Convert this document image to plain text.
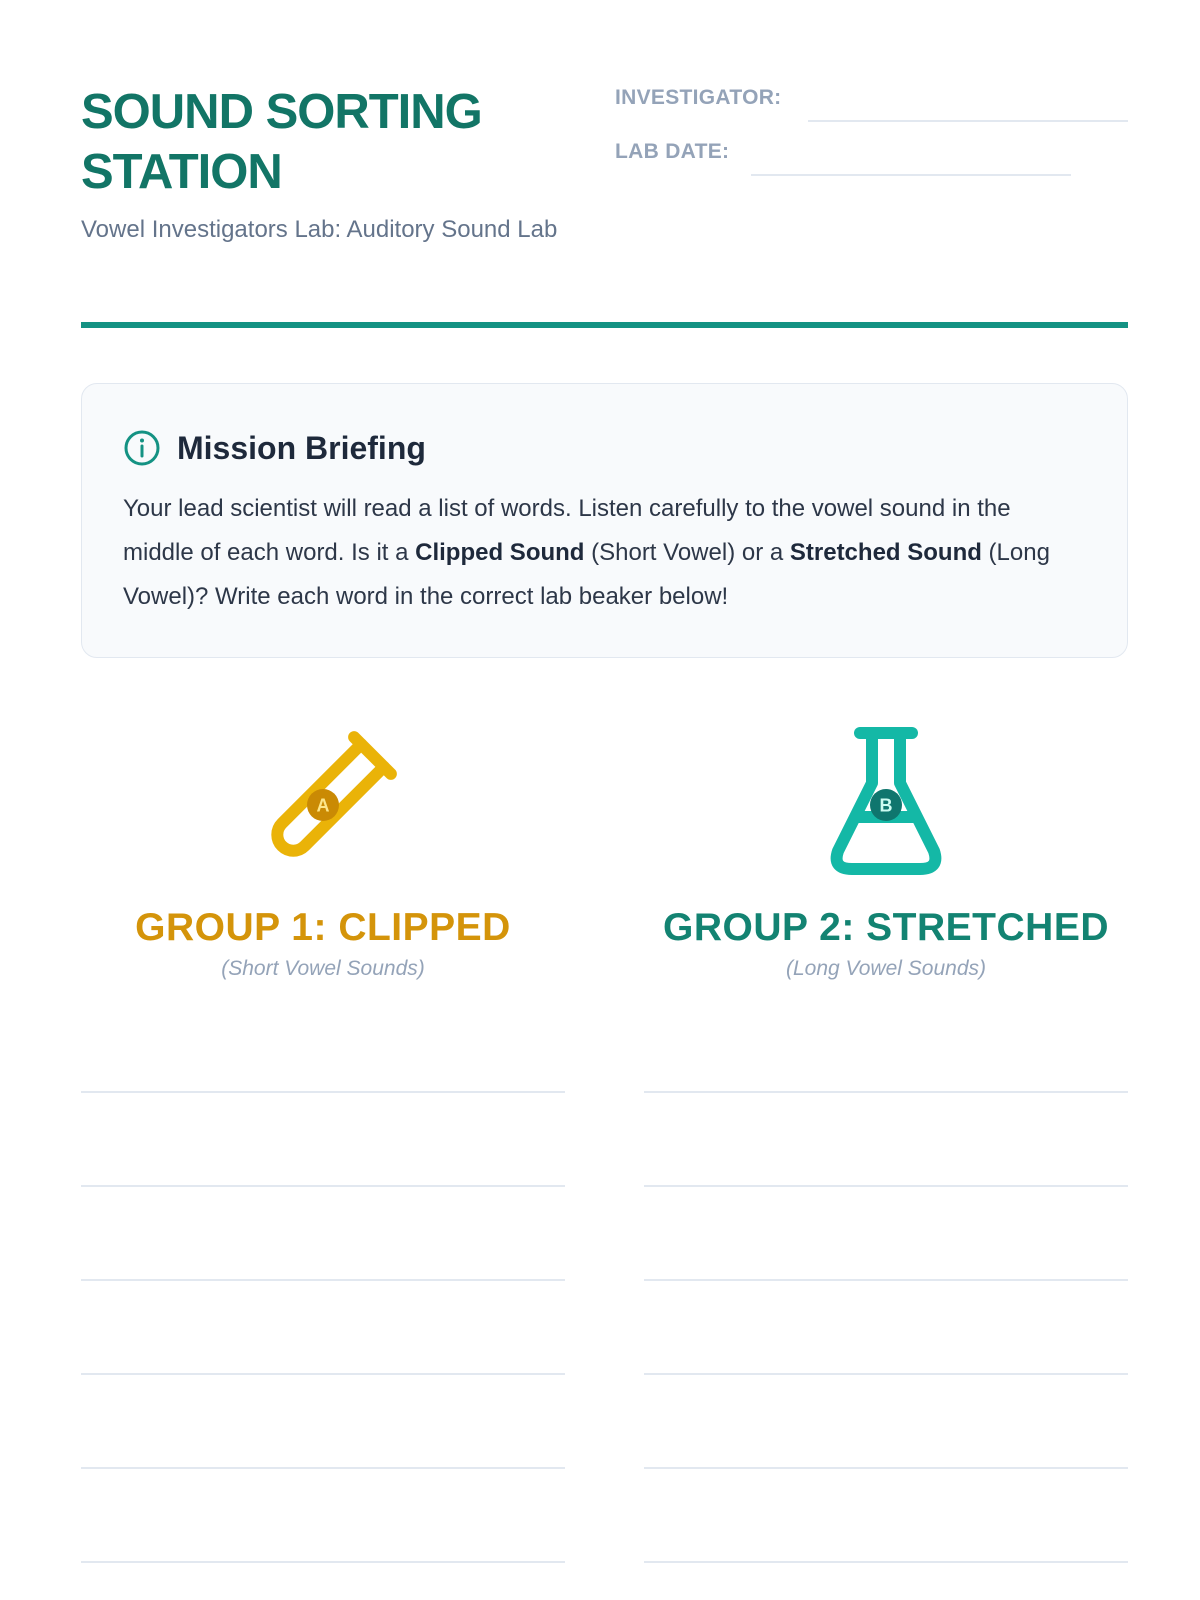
SOUND SORTING
STATION
Vowel Investigators Lab: Auditory Sound Lab
INVESTIGATOR:
LAB DATE:
Mission Briefing
Your lead scientist will read a list of words. Listen carefully to the vowel sound in the middle of each word. Is it a Clipped Sound (Short Vowel) or a Stretched Sound (Long Vowel)? Write each word in the correct lab beaker below!
A
GROUP 1: CLIPPED
(Short Vowel Sounds)
B
GROUP 2: STRETCHED
(Long Vowel Sounds)
